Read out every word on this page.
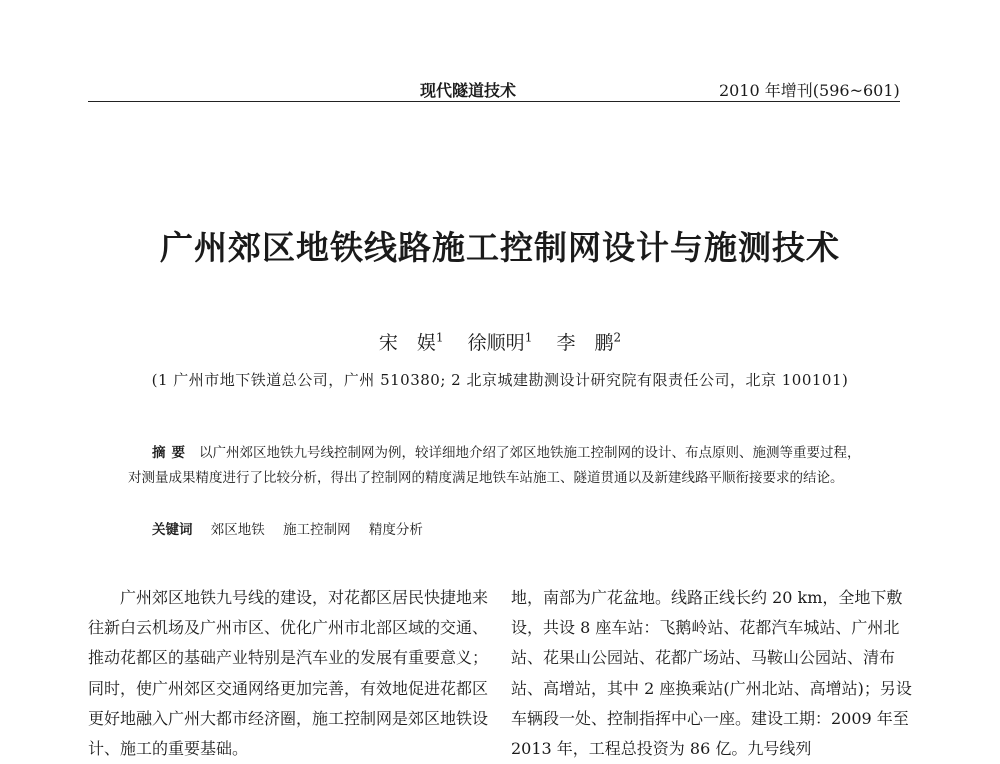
现代隧道技术	2010 年增刊(596~601)
广州郊区地铁线路施工控制网设计与施测技术
宋　娱$^1$ 徐顺明$^1$ 李　鹏$^2$
(1 广州市地下铁道总公司，广州 510380; 2 北京城建勘测设计研究院有限责任公司，北京 100101)
摘要 以广州郊区地铁九号线控制网为例，较详细地介绍了郊区地铁施工控制网的设计、布点原则、施测等重要过程，对测量成果精度进行了比较分析，得出了控制网的精度满足地铁车站施工、隧道贯通以及新建线路平顺衔接要求的结论。
关键词 郊区地铁 施工控制网 精度分析
广州郊区地铁九号线的建设，对花都区居民快捷地来往新白云机场及广州市区、优化广州市北部区域的交通、推动花都区的基础产业特别是汽车业的发展有重要意义；同时，使广州郊区交通网络更加完善，有效地促进花都区更好地融入广州大都市经济圈，施工控制网是郊区地铁设计、施工的重要基础。
地，南部为广花盆地。线路正线长约 20 km，全地下敷设，共设 8 座车站：飞鹅岭站、花都汽车城站、广州北站、花果山公园站、花都广场站、马鞍山公园站、清布站、高增站，其中 2 座换乘站(广州北站、高增站)；另设车辆段一处、控制指挥中心一座。建设工期：2009 年至 2013 年，工程总投资为 86 亿。九号线列
